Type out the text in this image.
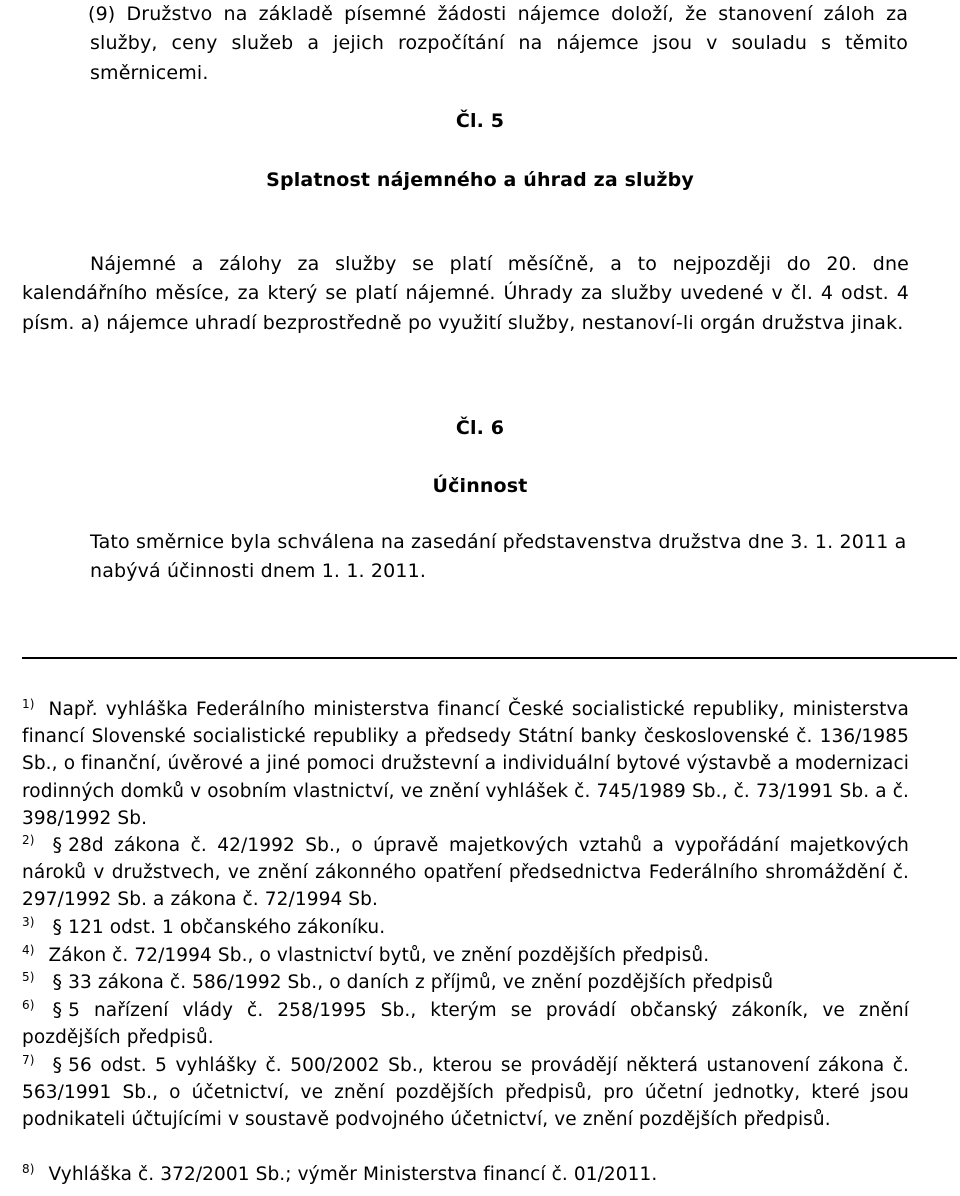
(9) Družstvo na základě písemné žádosti nájemce doloží, že stanovení záloh za služby, ceny služeb a jejich rozpočítání na nájemce jsou v souladu s těmito směrnicemi.

Čl. 5

Splatnost nájemného a úhrad za služby

Nájemné a zálohy za služby se platí měsíčně, a to nejpozději do 20. dne kalendářního měsíce, za který se platí nájemné. Úhrady za služby uvedené v čl. 4 odst. 4 písm. a) nájemce uhradí bezprostředně po využití služby, nestanoví-li orgán družstva jinak.

Čl. 6

Účinnost

Tato směrnice byla schválena na zasedání představenstva družstva dne 3. 1. 2011 a nabývá účinnosti dnem 1. 1. 2011.

$^{1)}$ Např. vyhláška Federálního ministerstva financí České socialistické republiky, ministerstva financí Slovenské socialistické republiky a předsedy Státní banky československé č. 136/1985 Sb., o finanční, úvěrové a jiné pomoci družstevní a individuální bytové výstavbě a modernizaci rodinných domků v osobním vlastnictví, ve znění vyhlášek č. 745/1989 Sb., č. 73/1991 Sb. a č. 398/1992 Sb.

$^{2)}$ § 28d zákona č. 42/1992 Sb., o úpravě majetkových vztahů a vypořádání majetkových nároků v družstvech, ve znění zákonného opatření předsednictva Federálního shromáždění č. 297/1992 Sb. a zákona č. 72/1994 Sb.

$^{3)}$ § 121 odst. 1 občanského zákoníku.

$^{4)}$ Zákon č. 72/1994 Sb., o vlastnictví bytů, ve znění pozdějších předpisů.

$^{5)}$ § 33 zákona č. 586/1992 Sb., o daních z příjmů, ve znění pozdějších předpisů

$^{6)}$ § 5 nařízení vlády č. 258/1995 Sb., kterým se provádí občanský zákoník, ve znění pozdějších předpisů.

$^{7)}$ § 56 odst. 5 vyhlášky č. 500/2002 Sb., kterou se provádějí některá ustanovení zákona č. 563/1991 Sb., o účetnictví, ve znění pozdějších předpisů, pro účetní jednotky, které jsou podnikateli účtujícími v soustavě podvojného účetnictví, ve znění pozdějších předpisů.

$^{8)}$ Vyhláška č. 372/2001 Sb.; výměr Ministerstva financí č. 01/2011.
